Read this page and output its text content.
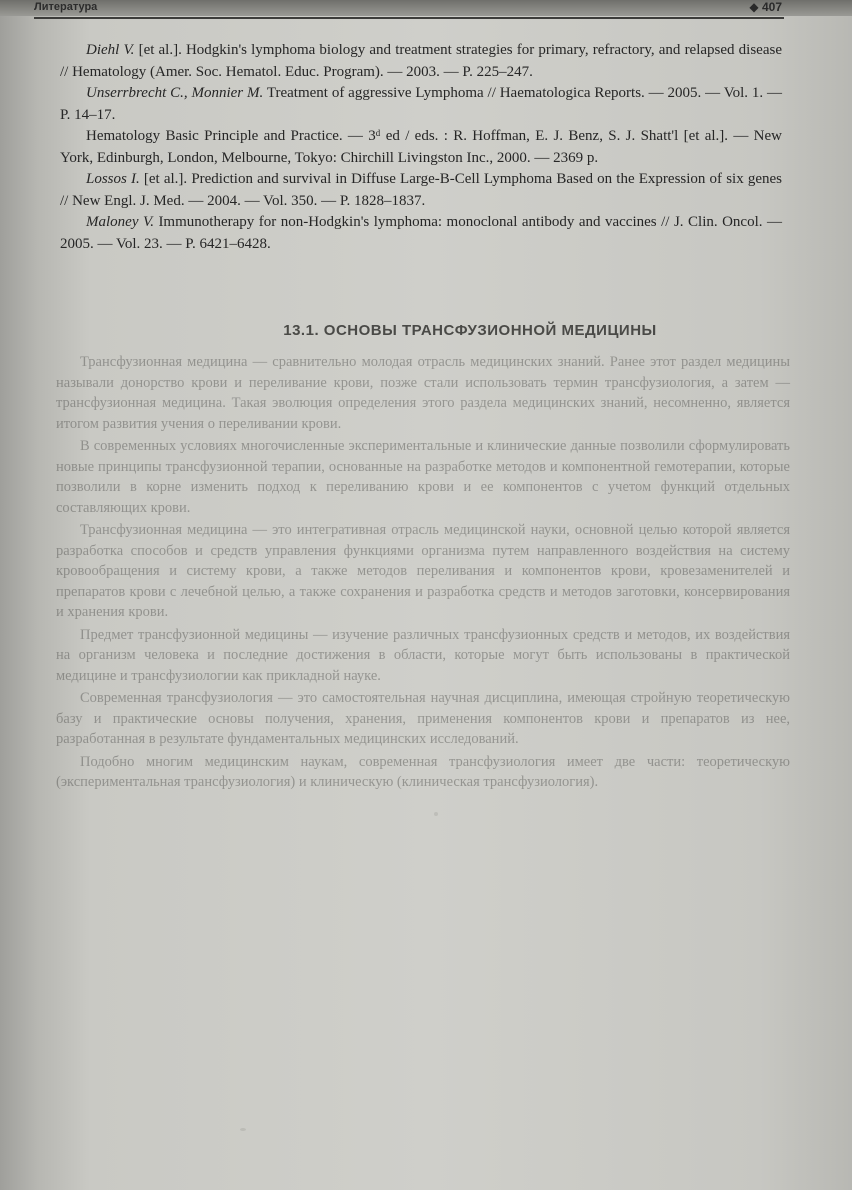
Литература	◆ 407

Diehl V. [et al.]. Hodgkin's lymphoma biology and treatment strategies for primary, refractory, and relapsed disease // Hematology (Amer. Soc. Hematol. Educ. Program). — 2003. — P. 225–247.

Unserrbrecht C., Monnier M. Treatment of aggressive Lymphoma // Haematologica Reports. — 2005. — Vol. 1. — P. 14–17.

Hematology Basic Principle and Practice. — 3ᵈ ed / eds. : R. Hoffman, E. J. Benz, S. J. Shatt'l [et al.]. — New York, Edinburgh, London, Melbourne, Tokyo: Chirchill Livingston Inc., 2000. — 2369 p.

Lossos I. [et al.]. Prediction and survival in Diffuse Large-B-Cell Lymphoma Based on the Expression of six genes // New Engl. J. Med. — 2004. — Vol. 350. — P. 1828–1837.

Maloney V. Immunotherapy for non-Hodgkin's lymphoma: monoclonal antibody and vaccines // J. Clin. Oncol. — 2005. — Vol. 23. — P. 6421–6428.

13.1. ОСНОВЫ ТРАНСФУЗИОННОЙ МЕДИЦИНЫ

Трансфузионная медицина — сравнительно молодая отрасль медицинских знаний. Ранее этот раздел медицины называли донорство крови и переливание крови, позже стали использовать термин трансфузиология, а затем — трансфузионная медицина. Такая эволюция определения этого раздела медицинских знаний, несомненно, является итогом развития учения о переливании крови.

В современных условиях многочисленные экспериментальные и клинические данные позволили сформулировать новые принципы трансфузионной терапии, основанные на разработке методов и компонентной гемотерапии, которые позволили в корне изменить подход к переливанию крови и ее компонентов с учетом функций отдельных составляющих крови.

Трансфузионная медицина — это интегративная отрасль медицинской науки, основной целью которой является разработка способов и средств управления функциями организма путем направленного воздействия на систему кровообращения и систему крови, а также методов переливания и компонентов крови, кровезаменителей и препаратов крови с лечебной целью, а также сохранения и разработка средств и методов заготовки, консервирования и хранения крови.

Предмет трансфузионной медицины — изучение различных трансфузионных средств и методов, их воздействия на организм человека и последние достижения в области, которые могут быть использованы в практической медицине и трансфузиологии как прикладной науке.

Современная трансфузиология — это самостоятельная научная дисциплина, имеющая стройную теоретическую базу и практические основы получения, хранения, применения компонентов крови и препаратов из нее, разработанная в результате фундаментальных медицинских исследований.

Подобно многим медицинским наукам, современная трансфузиология имеет две части: теоретическую (экспериментальная трансфузиология) и клиническую (клиническая трансфузиология).
